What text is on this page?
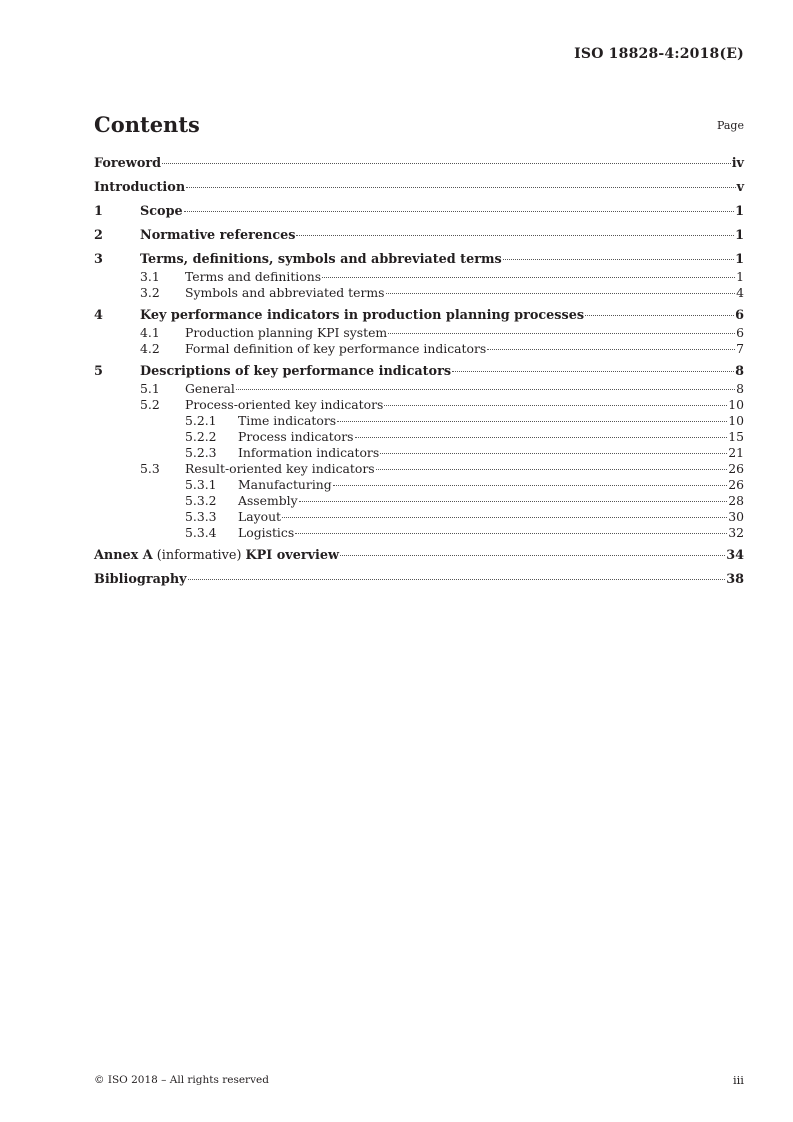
ISO 18828-4:2018(E)
Contents	Page
Foreword	iv
Introduction	v
1	Scope	1
2	Normative references	1
3	Terms, definitions, symbols and abbreviated terms	1
3.1	Terms and definitions	1
3.2	Symbols and abbreviated terms	4
4	Key performance indicators in production planning processes	6
4.1	Production planning KPI system	6
4.2	Formal definition of key performance indicators	7
5	Descriptions of key performance indicators	8
5.1	General	8
5.2	Process-oriented key indicators	10
5.2.1	Time indicators	10
5.2.2	Process indicators	15
5.2.3	Information indicators	21
5.3	Result-oriented key indicators	26
5.3.1	Manufacturing	26
5.3.2	Assembly	28
5.3.3	Layout	30
5.3.4	Logistics	32
Annex A (informative) KPI overview	34
Bibliography	38
© ISO 2018 – All rights reserved	iii
